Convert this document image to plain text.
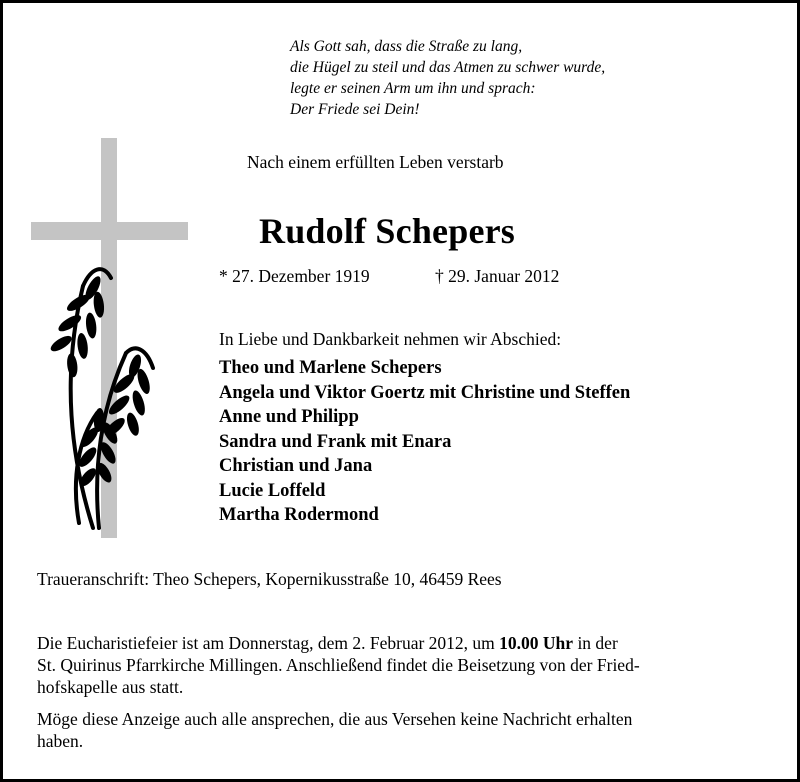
Als Gott sah, dass die Straße zu lang,
die Hügel zu steil und das Atmen zu schwer wurde,
legte er seinen Arm um ihn und sprach:
Der Friede sei Dein!
Nach einem erfüllten Leben verstarb
Rudolf Schepers
* 27. Dezember 1919	† 29. Januar 2012
In Liebe und Dankbarkeit nehmen wir Abschied:
Theo und Marlene Schepers
Angela und Viktor Goertz mit Christine und Steffen
Anne und Philipp
Sandra und Frank mit Enara
Christian und Jana
Lucie Loffeld
Martha Rodermond
Traueranschrift: Theo Schepers, Kopernikusstraße 10, 46459 Rees
Die Eucharistiefeier ist am Donnerstag, dem 2. Februar 2012, um 10.00 Uhr in der
St. Quirinus Pfarrkirche Millingen. Anschließend findet die Beisetzung von der Fried-
hofskapelle aus statt.
Möge diese Anzeige auch alle ansprechen, die aus Versehen keine Nachricht erhalten
haben.
